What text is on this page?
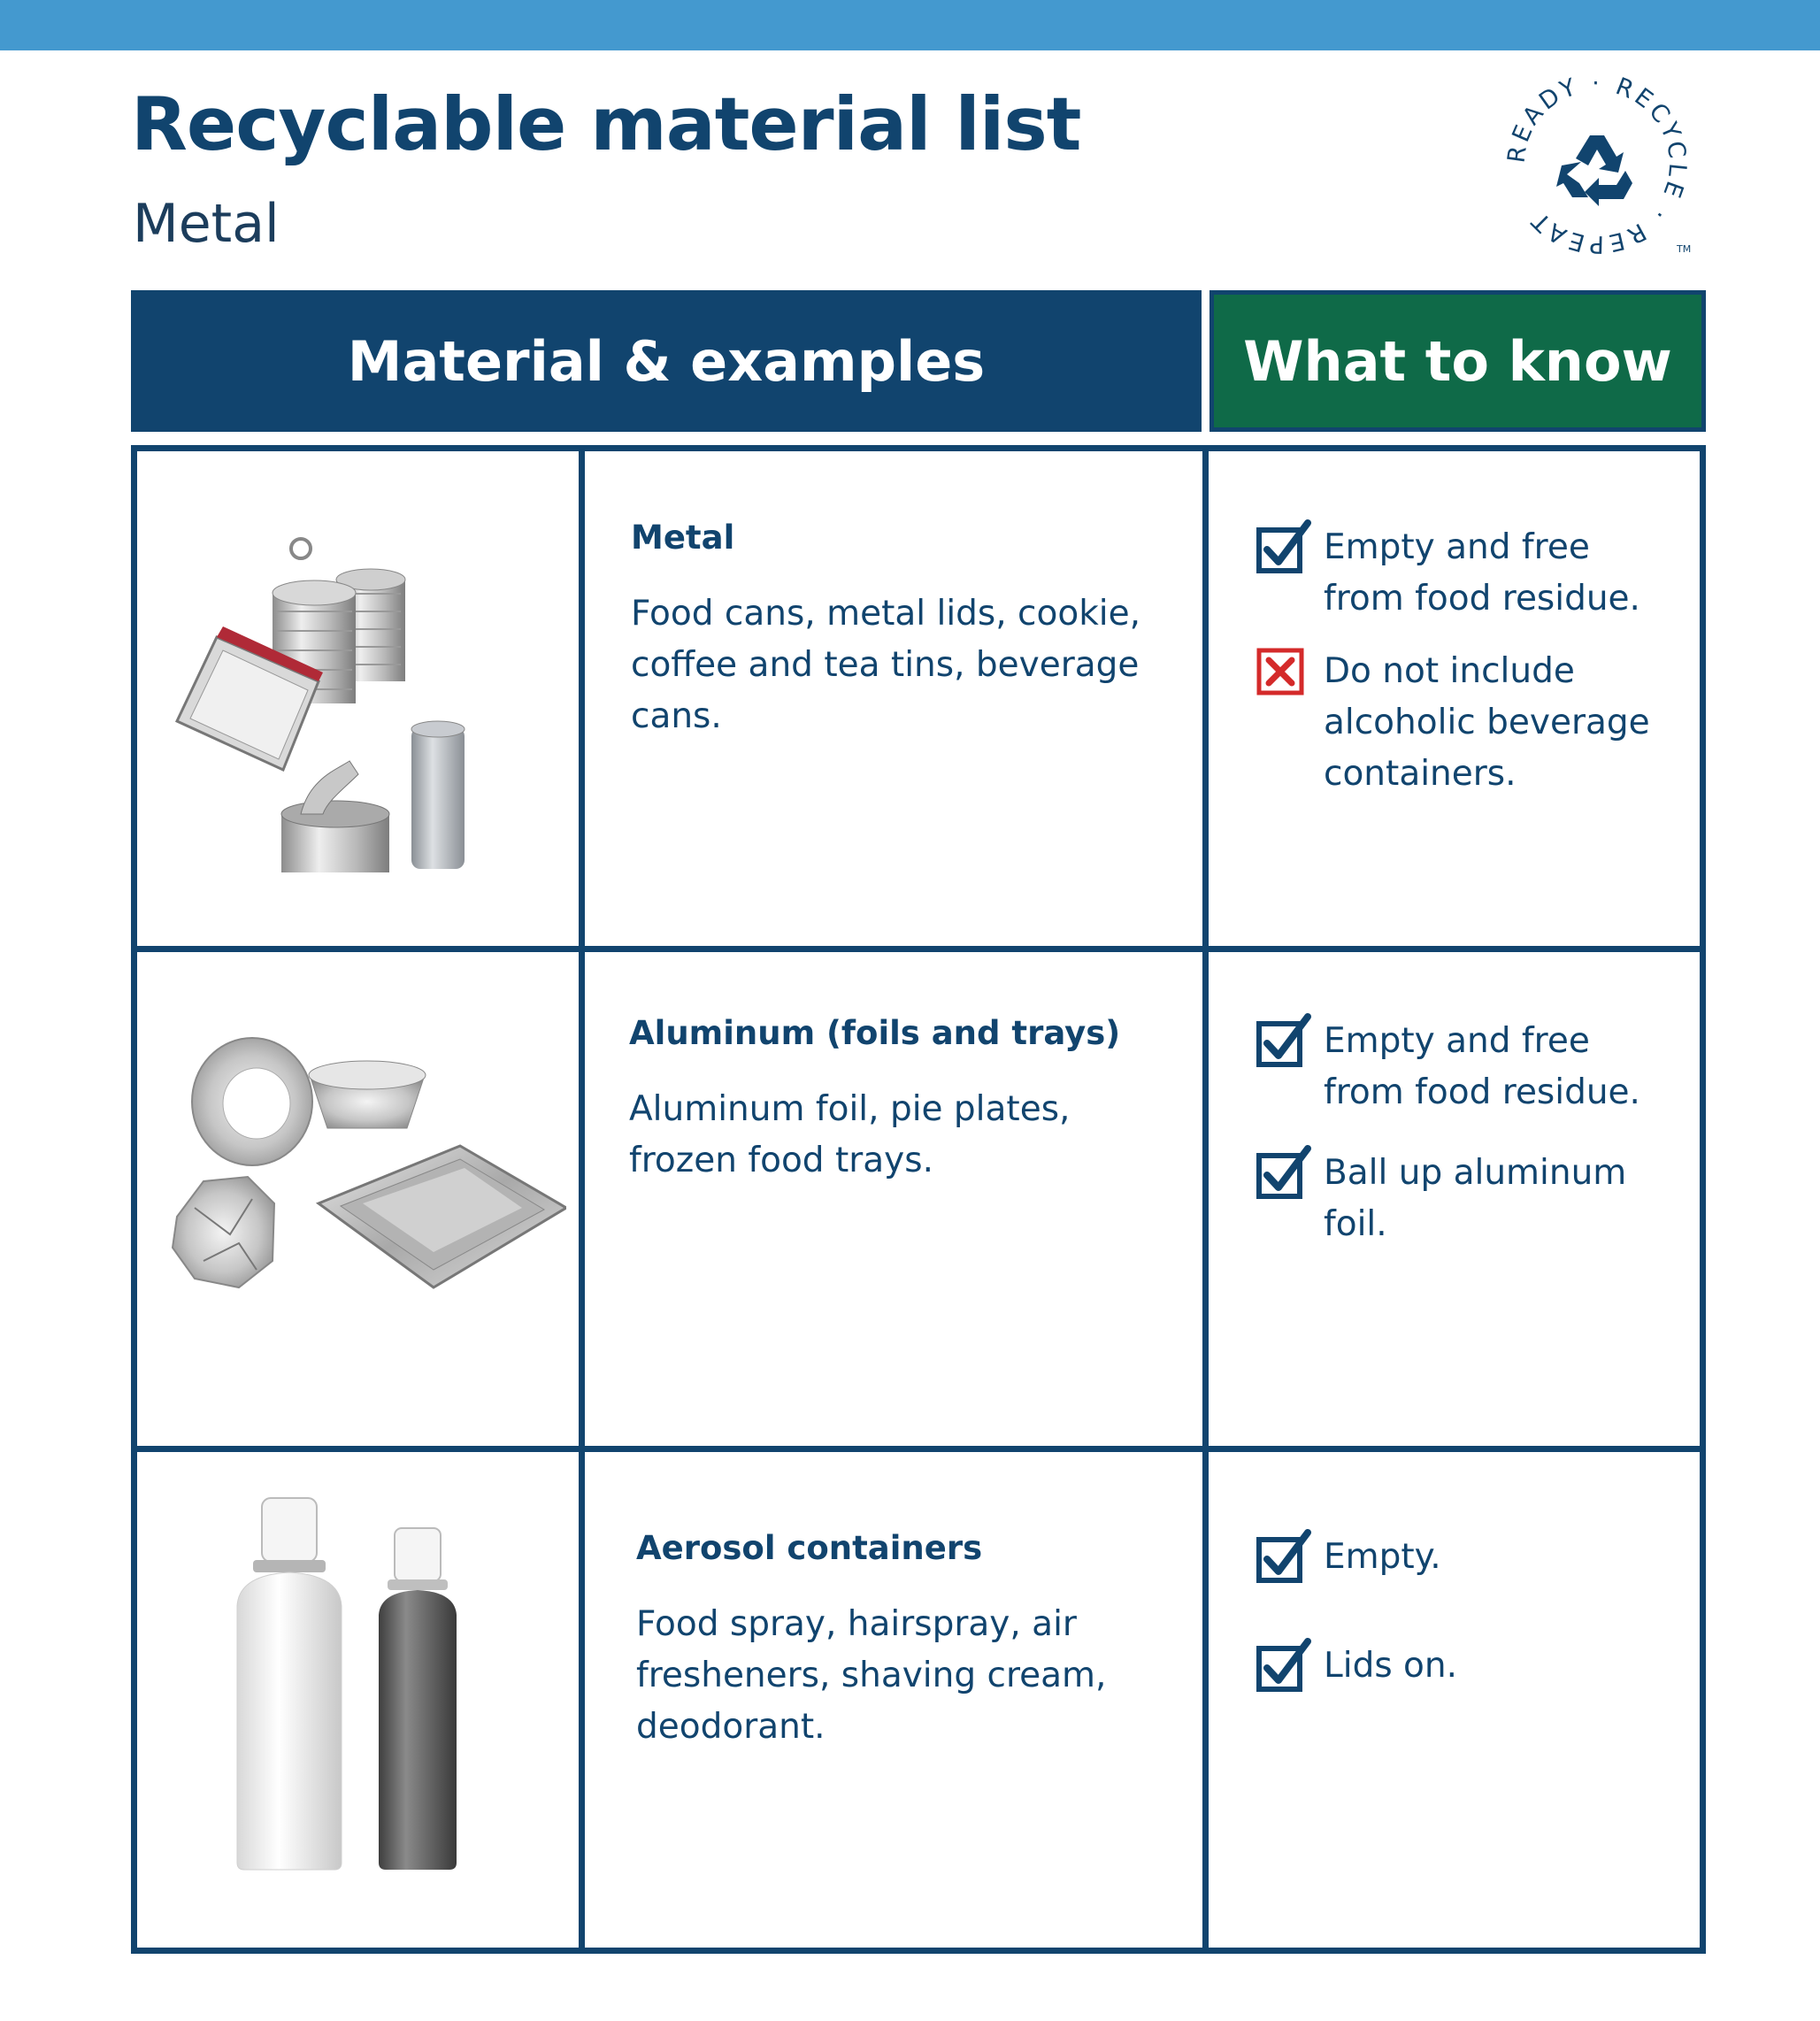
Recyclable material list
Metal
READY · RECYCLE · REPEAT
TM
Material & examples	What to know

Metal

Food cans, metal lids, cookie, coffee and tea tins, beverage cans.

Empty and free from food residue.
Do not include alcoholic beverage containers.

Aluminum (foils and trays)

Aluminum foil, pie plates, frozen food trays.

Empty and free from food residue.
Ball up aluminum foil.

Aerosol containers

Food spray, hairspray, air fresheners, shaving cream, deodorant.

Empty.
Lids on.
